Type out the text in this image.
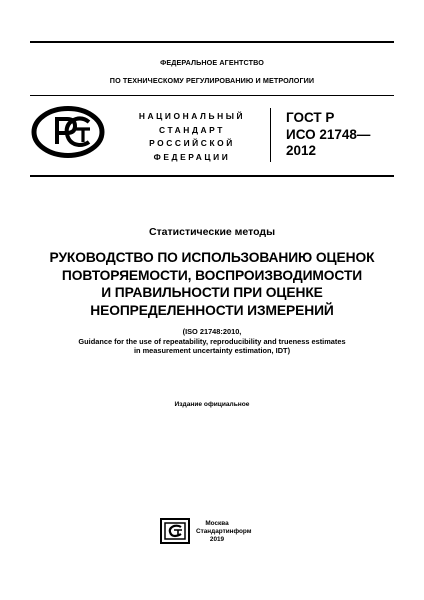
ФЕДЕРАЛЬНОЕ АГЕНТСТВО
ПО ТЕХНИЧЕСКОМУ РЕГУЛИРОВАНИЮ И МЕТРОЛОГИИ
НАЦИОНАЛЬНЫЙ
СТАНДАРТ
РОССИЙСКОЙ
ФЕДЕРАЦИИ
ГОСТ Р
ИСО 21748—
2012
Статистические методы
РУКОВОДСТВО ПО ИСПОЛЬЗОВАНИЮ ОЦЕНОК
ПОВТОРЯЕМОСТИ, ВОСПРОИЗВОДИМОСТИ
И ПРАВИЛЬНОСТИ ПРИ ОЦЕНКЕ
НЕОПРЕДЕЛЕННОСТИ ИЗМЕРЕНИЙ
(ISO 21748:2010,
Guidance for the use of repeatability, reproducibility and trueness estimates
in measurement uncertainty estimation, IDT)
Издание официальное
Москва
Стандартинформ
2019
